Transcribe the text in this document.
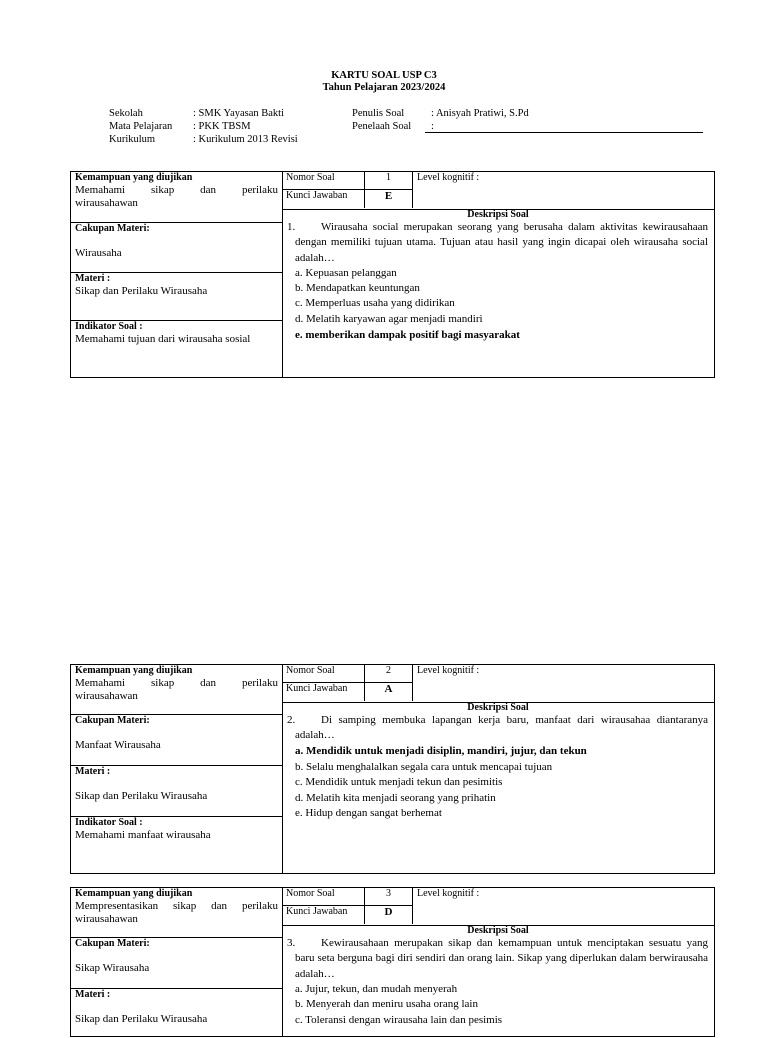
KARTU SOAL USP C3
Tahun Pelajaran 2023/2024
Sekolah	: SMK Yayasan Bakti
Mata Pelajaran : PKK TBSM
Kurikulum	: Kurikulum 2013 Revisi
Penulis Soal	: Anisyah Pratiwi, S.Pd
Penelaah Soal :
Kemampuan yang diujikan
Memahami sikap dan perilaku
wirausahawan
Cakupan Materi:
Wirausaha
Materi :
Sikap dan Perilaku Wirausaha
Indikator Soal :
Memahami tujuan dari wirausaha sosial
Nomor Soal	1
Kunci Jawaban	E
Level kognitif :
Deskripsi Soal
1. Wirausaha social merupakan seorang yang berusaha dalam aktivitas kewirausahaan
dengan memiliki tujuan utama. Tujuan atau hasil yang ingin dicapai oleh wirausaha social adalah…
a. Kepuasan pelanggan
b. Mendapatkan keuntungan
c. Memperluas usaha yang didirikan
d. Melatih karyawan agar menjadi mandiri
e. memberikan dampak positif bagi masyarakat
Kemampuan yang diujikan
Memahami sikap dan perilaku
wirausahawan
Cakupan Materi:
Manfaat Wirausaha
Materi :
Sikap dan Perilaku Wirausaha
Indikator Soal :
Memahami manfaat wirausaha
Nomor Soal	2
Kunci Jawaban	A
Level kognitif :
Deskripsi Soal
2. Di samping membuka lapangan kerja baru, manfaat dari wirausahaa diantaranya
adalah…
a. Mendidik untuk menjadi disiplin, mandiri, jujur, dan tekun
b. Selalu menghalalkan segala cara untuk mencapai tujuan
c. Mendidik untuk menjadi tekun dan pesimitis
d. Melatih kita menjadi seorang yang prihatin
e. Hidup dengan sangat berhemat
Kemampuan yang diujikan
Mempresentasikan sikap dan perilaku
wirausahawan
Cakupan Materi:
Sikap Wirausaha
Materi :
Sikap dan Perilaku Wirausaha
Nomor Soal	3
Kunci Jawaban	D
Level kognitif :
Deskripsi Soal
3. Kewirausahaan merupakan sikap dan kemampuan untuk menciptakan sesuatu yang
baru seta berguna bagi diri sendiri dan orang lain. Sikap yang diperlukan dalam berwirausaha adalah…
a. Jujur, tekun, dan mudah menyerah
b. Menyerah dan meniru usaha orang lain
c. Toleransi dengan wirausaha lain dan pesimis
